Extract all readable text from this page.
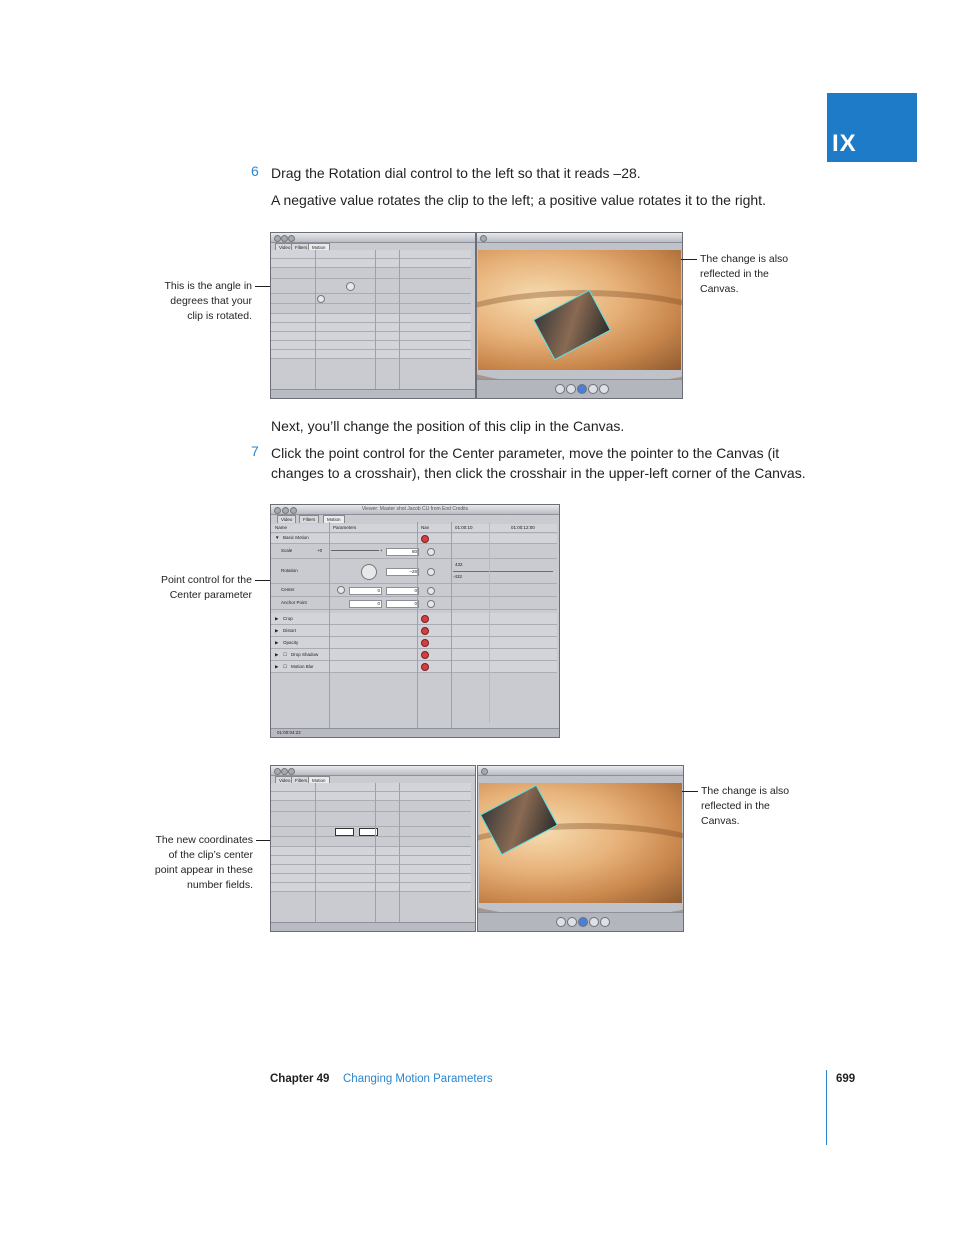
IX
6 Drag the Rotation dial control to the left so that it reads –28.
A negative value rotates the clip to the left; a positive value rotates it to the right.
This is the angle in
degrees that your
clip is rotated.
Video	Filters	Motion
The change is also
reflected in the
Canvas.
Next, you’ll change the position of this clip in the Canvas.
7 Click the point control for the Center parameter, move the pointer to the Canvas (it changes to a crosshair), then click the crosshair in the upper-left corner of the Canvas.
Point control for the
Center parameter
Viewer: Master shot Jacob CU from End Credits
Video	Filters	Motion
Name	Parameters	Nav	01:00:10	01:00:12:00
▼ Basic Motion
Scale	+0	+	80
Rotation	–28
432
-432
Center	0	0
Anchor Point	0	0
▶ Crop
▶ Distort
▶ Opacity
▶ ☐ Drop Shadow
▶ ☐ Motion Blur
01:00:04:22
The new coordinates
of the clip’s center
point appear in these
number fields.
Video	Filters	Motion
The change is also
reflected in the
Canvas.
Chapter 49 Changing Motion Parameters	699
